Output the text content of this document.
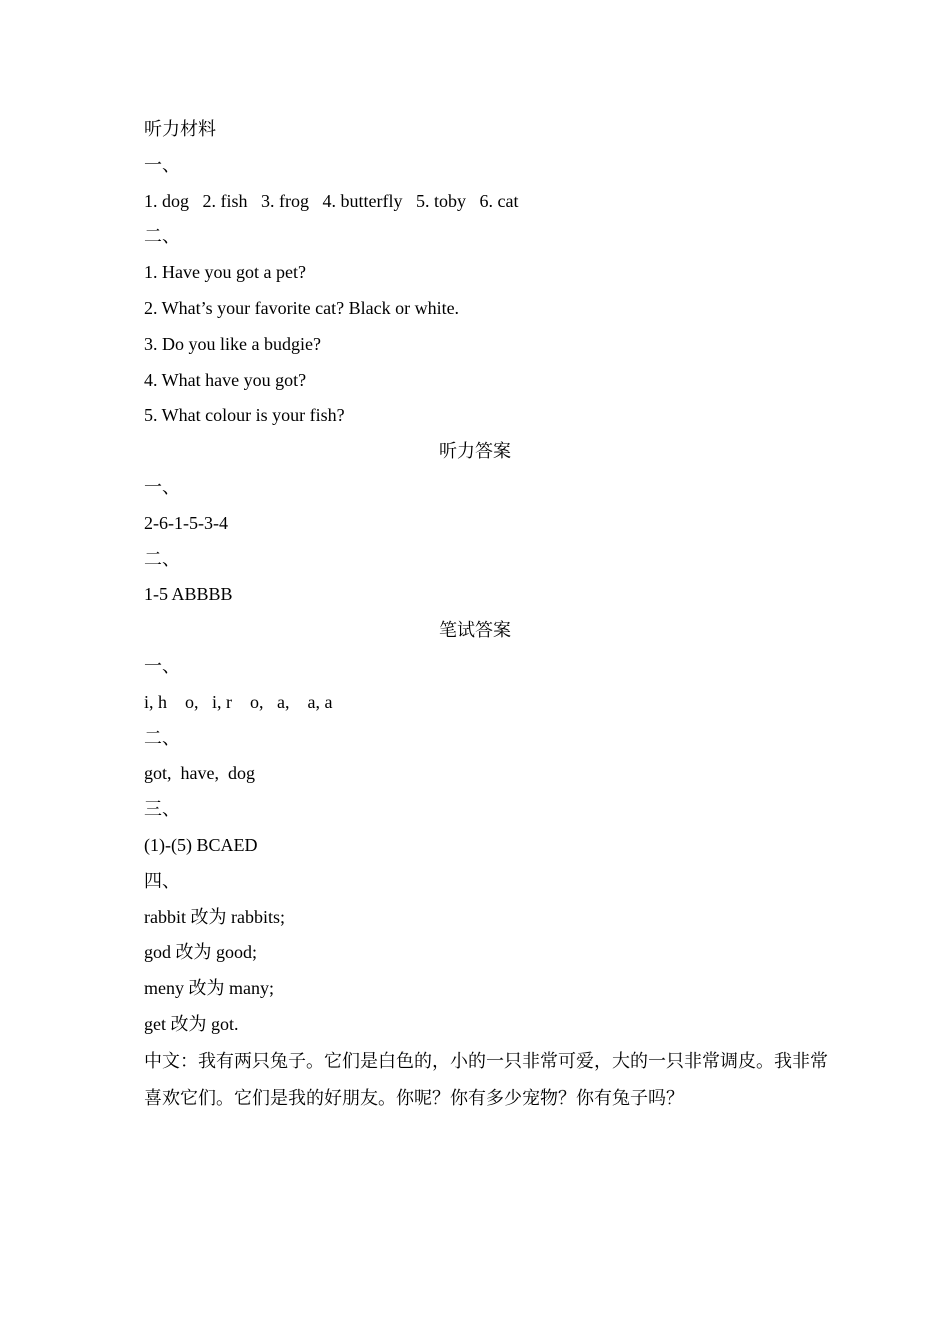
听力材料
一、
1. dog   2. fish   3. frog   4. butterfly   5. toby   6. cat
二、
1. Have you got a pet?
2. What’s your favorite cat? Black or white.
3. Do you like a budgie?
4. What have you got?
5. What colour is your fish?
听力答案
一、
2-6-1-5-3-4
二、
1-5 ABBBB
笔试答案
一、
i, h    o,   i, r    o,   a,    a, a
二、
got,  have,  dog
三、
(1)-(5) BCAED
四、
rabbit 改为 rabbits;
god 改为 good;
meny 改为 many;
get 改为 got.
中文：我有两只兔子。它们是白色的，小的一只非常可爱，大的一只非常调皮。我非常喜欢它们。它们是我的好朋友。你呢？你有多少宠物？你有兔子吗？
